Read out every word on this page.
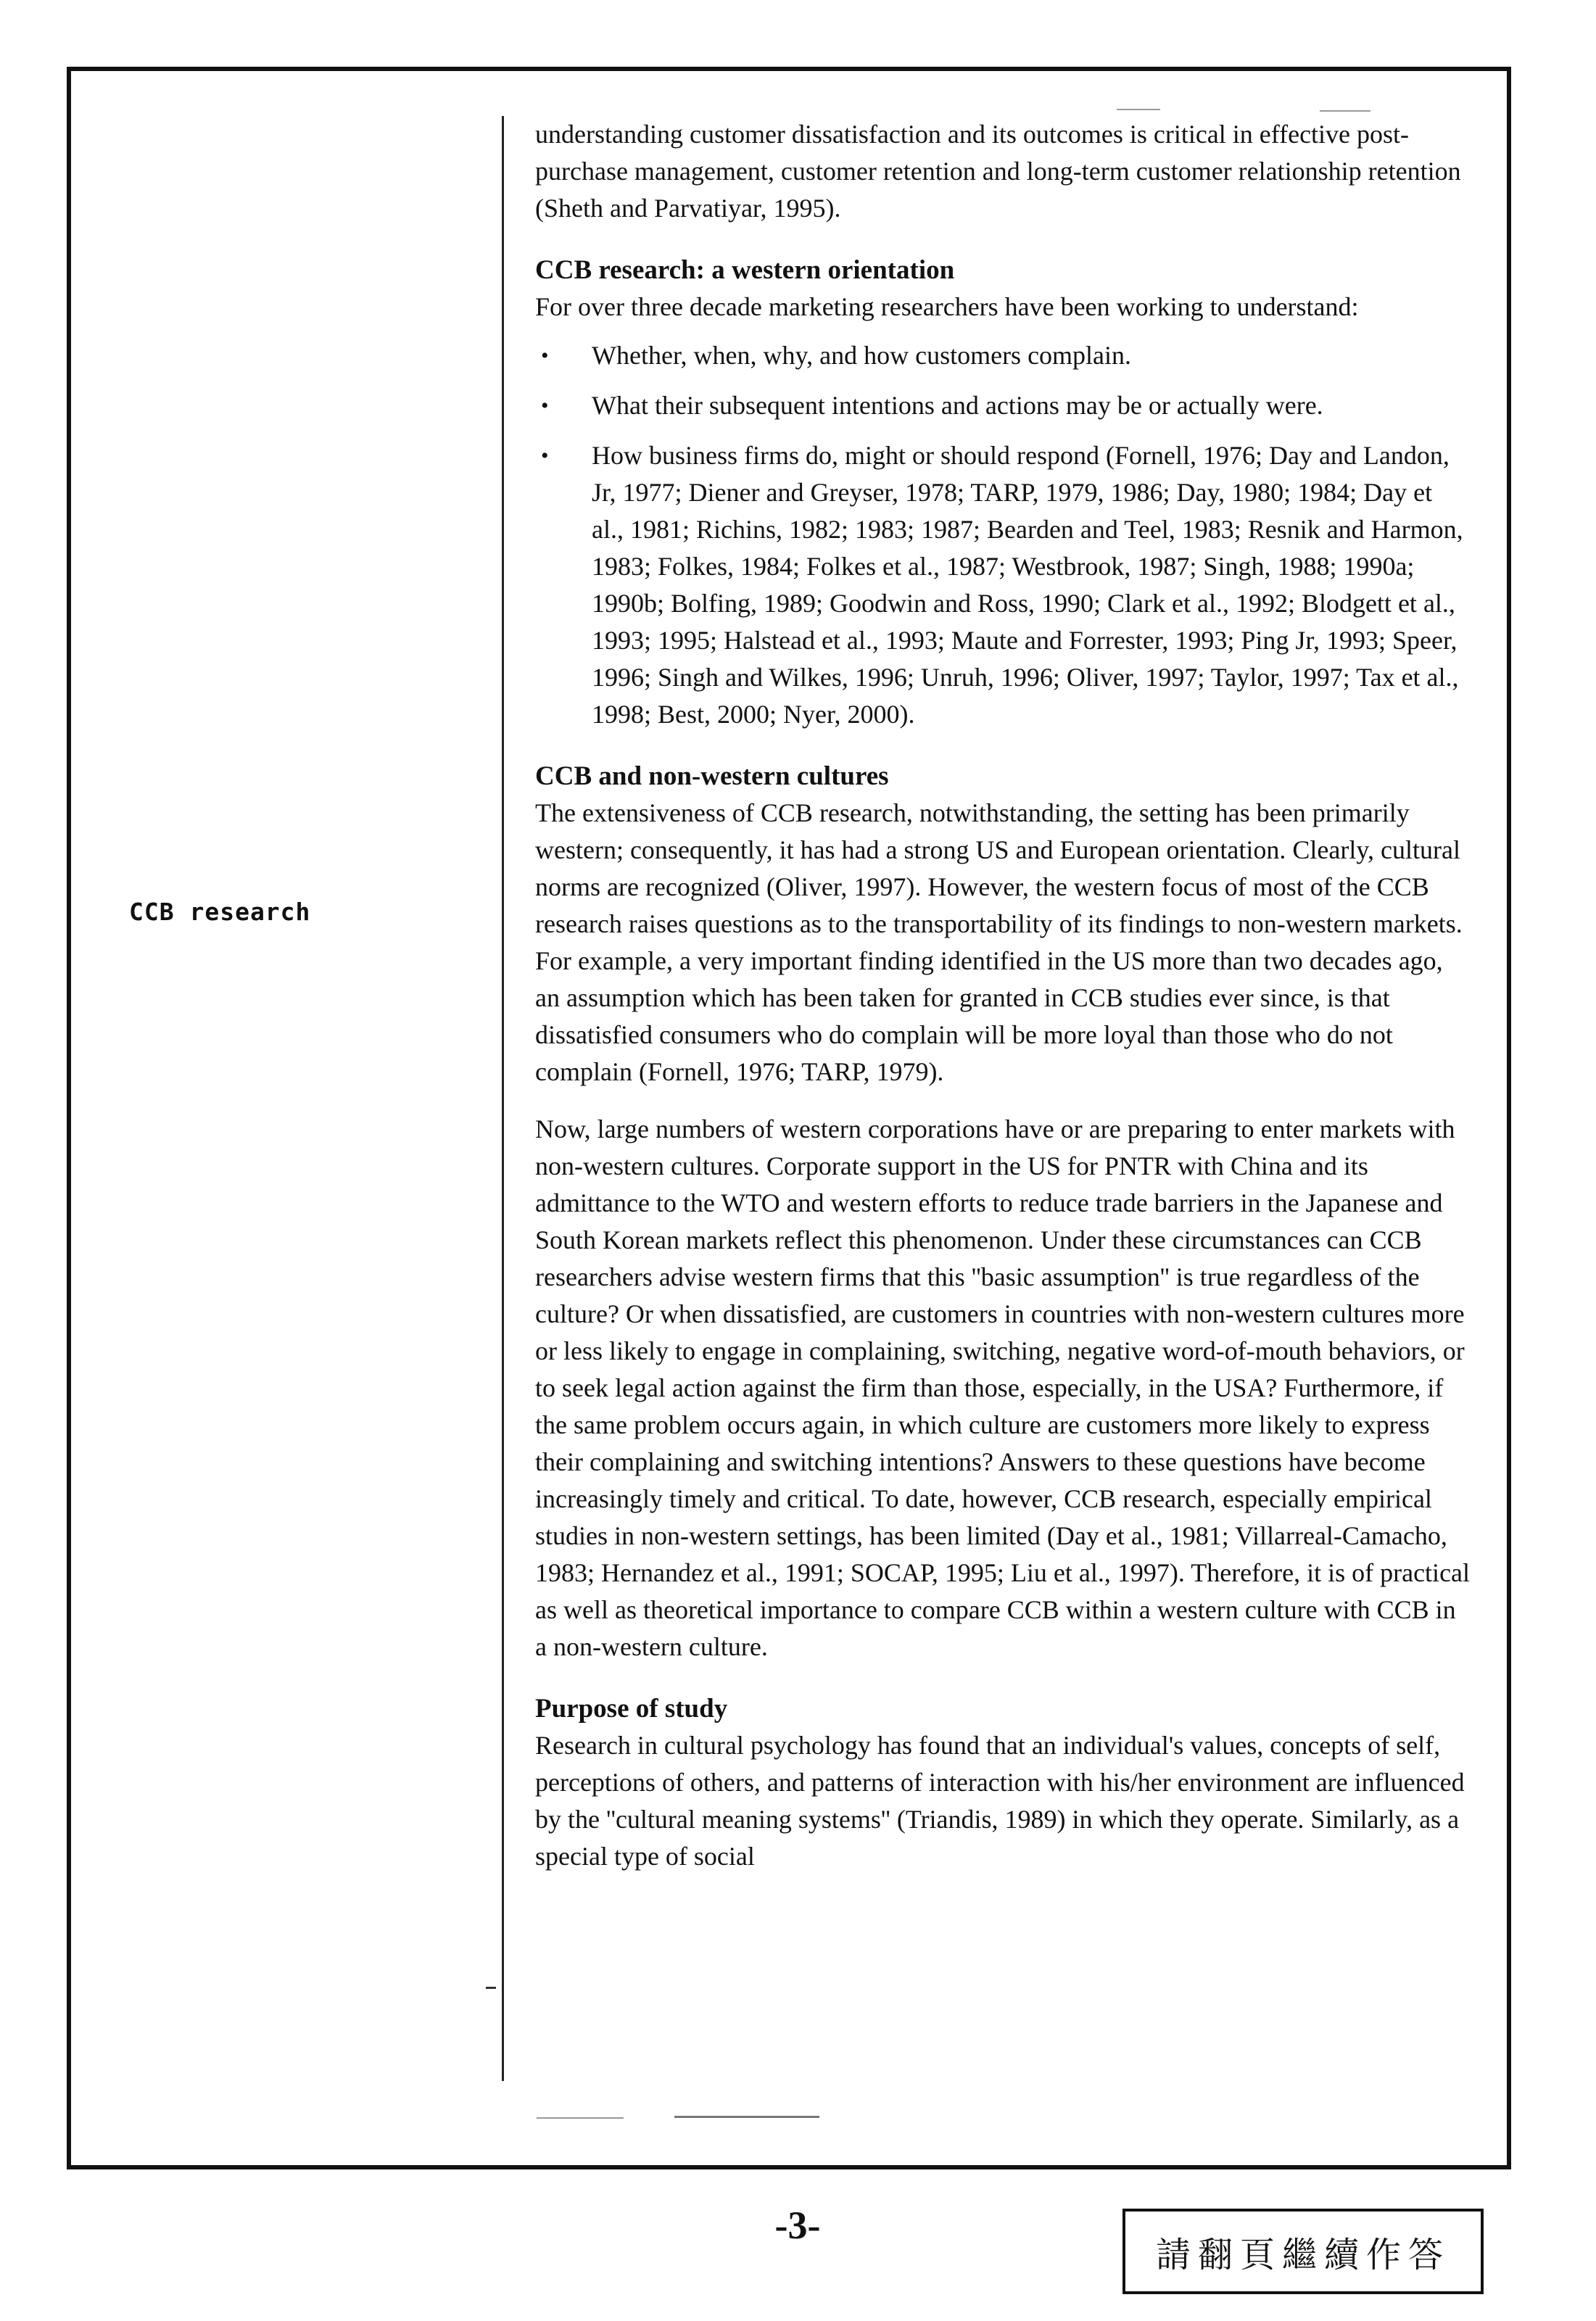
CCB research

understanding customer dissatisfaction and its outcomes is critical in effective post-purchase management, customer retention and long-term customer relationship retention (Sheth and Parvatiyar, 1995).

CCB research: a western orientation

For over three decade marketing researchers have been working to understand:

• Whether, when, why, and how customers complain.
• What their subsequent intentions and actions may be or actually were.
• How business firms do, might or should respond (Fornell, 1976; Day and Landon, Jr, 1977; Diener and Greyser, 1978; TARP, 1979, 1986; Day, 1980; 1984; Day et al., 1981; Richins, 1982; 1983; 1987; Bearden and Teel, 1983; Resnik and Harmon, 1983; Folkes, 1984; Folkes et al., 1987; Westbrook, 1987; Singh, 1988; 1990a; 1990b; Bolfing, 1989; Goodwin and Ross, 1990; Clark et al., 1992; Blodgett et al., 1993; 1995; Halstead et al., 1993; Maute and Forrester, 1993; Ping Jr, 1993; Speer, 1996; Singh and Wilkes, 1996; Unruh, 1996; Oliver, 1997; Taylor, 1997; Tax et al., 1998; Best, 2000; Nyer, 2000).
CCB and non-western cultures

The extensiveness of CCB research, notwithstanding, the setting has been primarily western; consequently, it has had a strong US and European orientation. Clearly, cultural norms are recognized (Oliver, 1997). However, the western focus of most of the CCB research raises questions as to the transportability of its findings to non-western markets. For example, a very important finding identified in the US more than two decades ago, an assumption which has been taken for granted in CCB studies ever since, is that dissatisfied consumers who do complain will be more loyal than those who do not complain (Fornell, 1976; TARP, 1979).

Now, large numbers of western corporations have or are preparing to enter markets with non-western cultures. Corporate support in the US for PNTR with China and its admittance to the WTO and western efforts to reduce trade barriers in the Japanese and South Korean markets reflect this phenomenon. Under these circumstances can CCB researchers advise western firms that this ''basic assumption'' is true regardless of the culture? Or when dissatisfied, are customers in countries with non-western cultures more or less likely to engage in complaining, switching, negative word-of-mouth behaviors, or to seek legal action against the firm than those, especially, in the USA? Furthermore, if the same problem occurs again, in which culture are customers more likely to express their complaining and switching intentions? Answers to these questions have become increasingly timely and critical. To date, however, CCB research, especially empirical studies in non-western settings, has been limited (Day et al., 1981; Villarreal-Camacho, 1983; Hernandez et al., 1991; SOCAP, 1995; Liu et al., 1997). Therefore, it is of practical as well as theoretical importance to compare CCB within a western culture with CCB in a non-western culture.

Purpose of study

Research in cultural psychology has found that an individual's values, concepts of self, perceptions of others, and patterns of interaction with his/her environment are influenced by the ''cultural meaning systems'' (Triandis, 1989) in which they operate. Similarly, as a special type of social

-3-
請翻頁繼續作答
